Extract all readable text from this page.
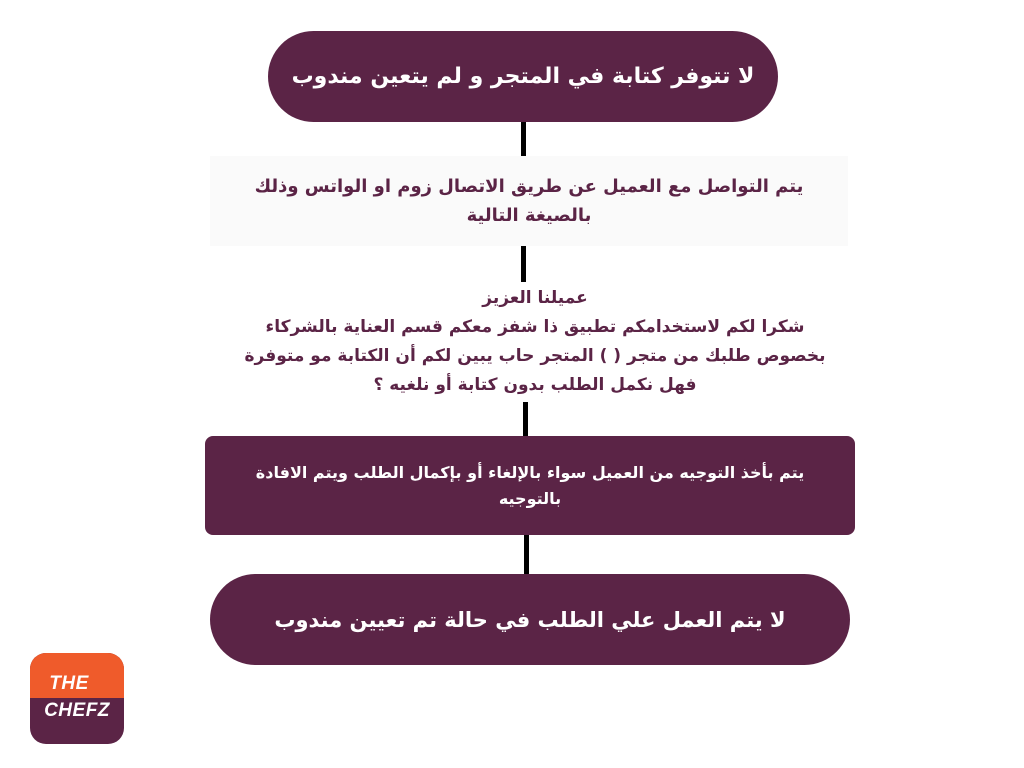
لا تتوفر كتابة في المتجر و لم يتعين مندوب
يتم التواصل مع العميل عن طريق الاتصال زوم او الواتس وذلك بالصيغة التالية
عميلنا العزيز
شكرا لكم لاستخدامكم تطبيق ذا شفز معكم قسم العناية بالشركاء
بخصوص طلبك من متجر ( ) المتجر حاب يبين لكم أن الكتابة مو متوفرة
فهل نكمل الطلب بدون كتابة أو نلغيه ؟
يتم بأخذ التوجيه من العميل سواء بالإلغاء أو بإكمال الطلب ويتم الافادة بالتوجيه
لا يتم العمل علي الطلب في حالة تم تعيين مندوب
THE
CHEFZ
